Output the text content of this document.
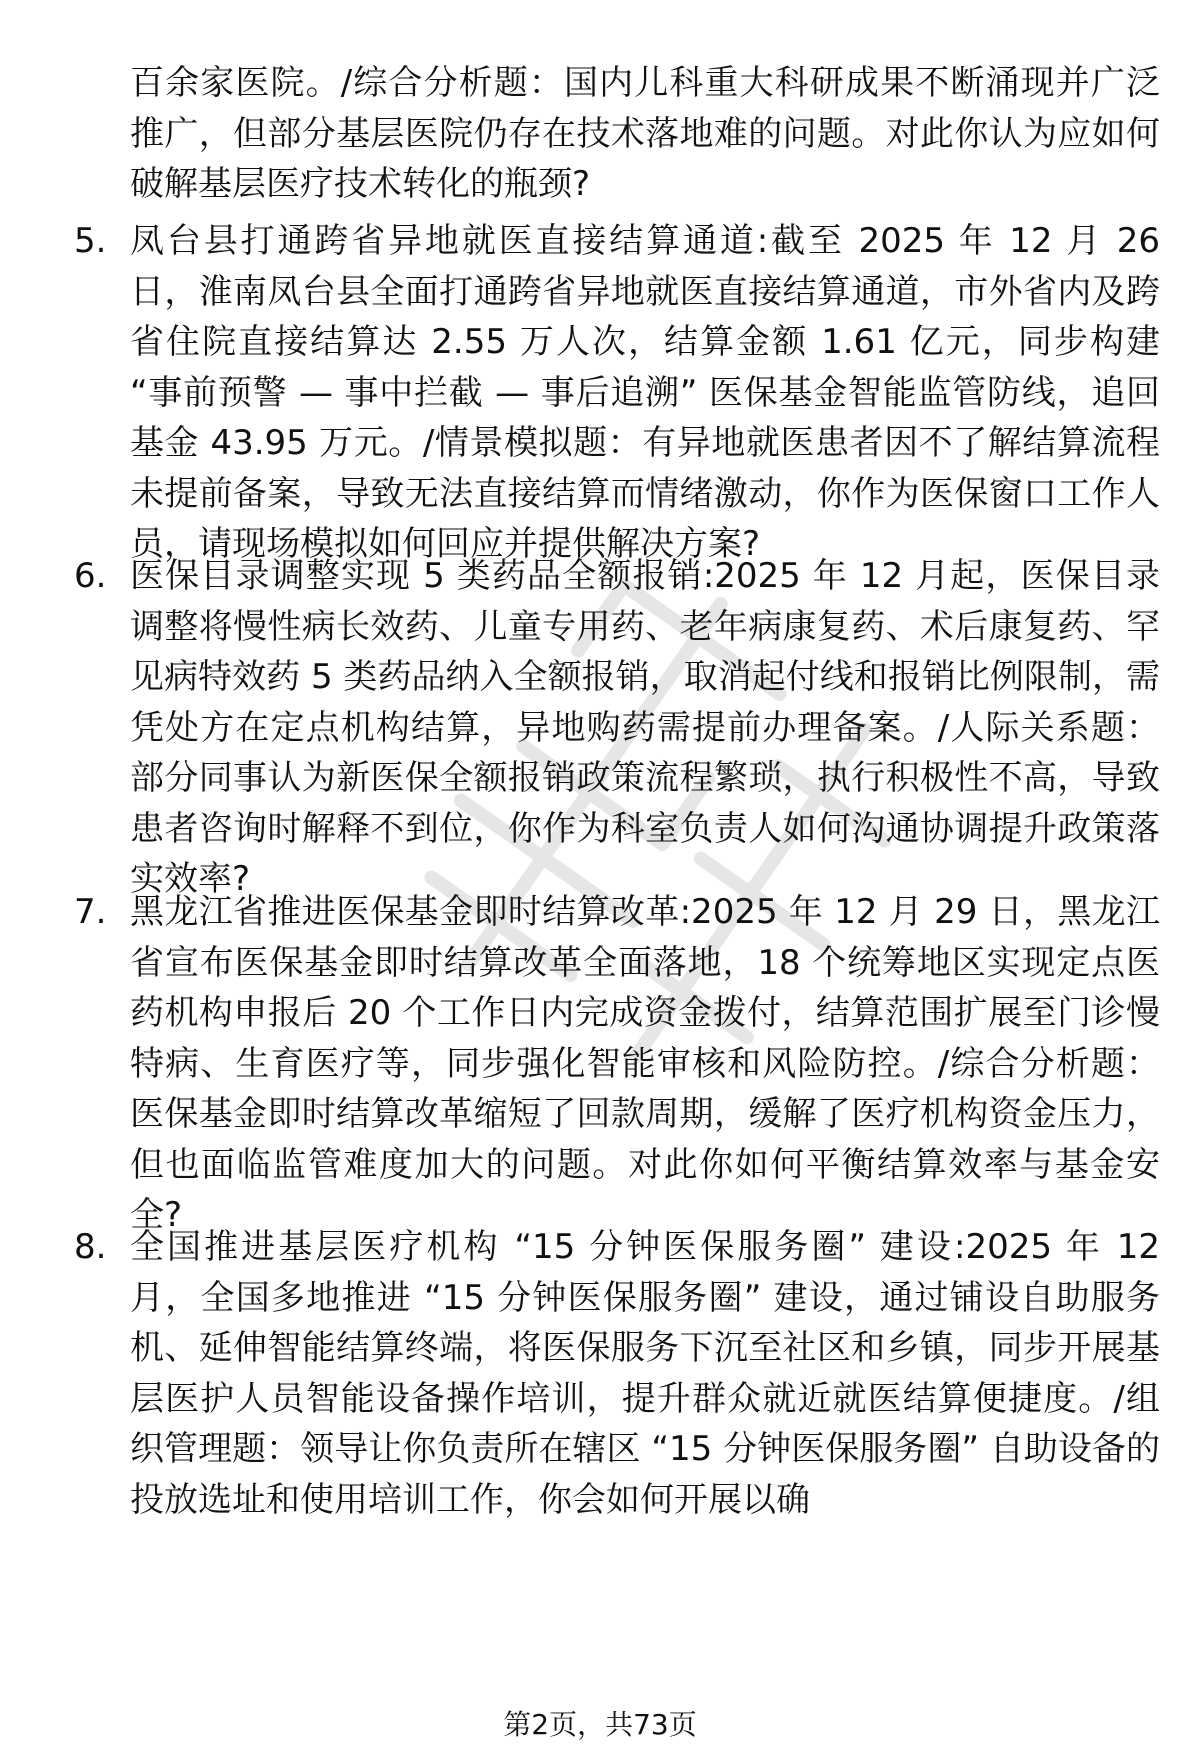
百余家医院。/综合分析题：国内儿科重大科研成果不断涌现并广泛推广，但部分基层医院仍存在技术落地难的问题。对此你认为应如何破解基层医疗技术转化的瓶颈?

5. 凤台县打通跨省异地就医直接结算通道:截至 2025 年 12 月 26 日，淮南凤台县全面打通跨省异地就医直接结算通道，市外省内及跨省住院直接结算达 2.55 万人次，结算金额 1.61 亿元，同步构建 “事前预警 — 事中拦截 — 事后追溯” 医保基金智能监管防线，追回基金 43.95 万元。/情景模拟题：有异地就医患者因不了解结算流程未提前备案，导致无法直接结算而情绪激动，你作为医保窗口工作人员，请现场模拟如何回应并提供解决方案?

6. 医保目录调整实现 5 类药品全额报销:2025 年 12 月起，医保目录调整将慢性病长效药、儿童专用药、老年病康复药、术后康复药、罕见病特效药 5 类药品纳入全额报销，取消起付线和报销比例限制，需凭处方在定点机构结算，异地购药需提前办理备案。/人际关系题：部分同事认为新医保全额报销政策流程繁琐，执行积极性不高，导致患者咨询时解释不到位，你作为科室负责人如何沟通协调提升政策落实效率?

7. 黑龙江省推进医保基金即时结算改革:2025 年 12 月 29 日，黑龙江省宣布医保基金即时结算改革全面落地，18 个统筹地区实现定点医药机构申报后 20 个工作日内完成资金拨付，结算范围扩展至门诊慢特病、生育医疗等，同步强化智能审核和风险防控。/综合分析题：医保基金即时结算改革缩短了回款周期，缓解了医疗机构资金压力，但也面临监管难度加大的问题。对此你如何平衡结算效率与基金安全?

8. 全国推进基层医疗机构 “15 分钟医保服务圈” 建设:2025 年 12 月，全国多地推进 “15 分钟医保服务圈” 建设，通过铺设自助服务机、延伸智能结算终端，将医保服务下沉至社区和乡镇，同步开展基层医护人员智能设备操作培训，提升群众就近就医结算便捷度。/组织管理题：领导让你负责所在辖区 “15 分钟医保服务圈” 自助设备的投放选址和使用培训工作，你会如何开展以确

第2页，共73页
